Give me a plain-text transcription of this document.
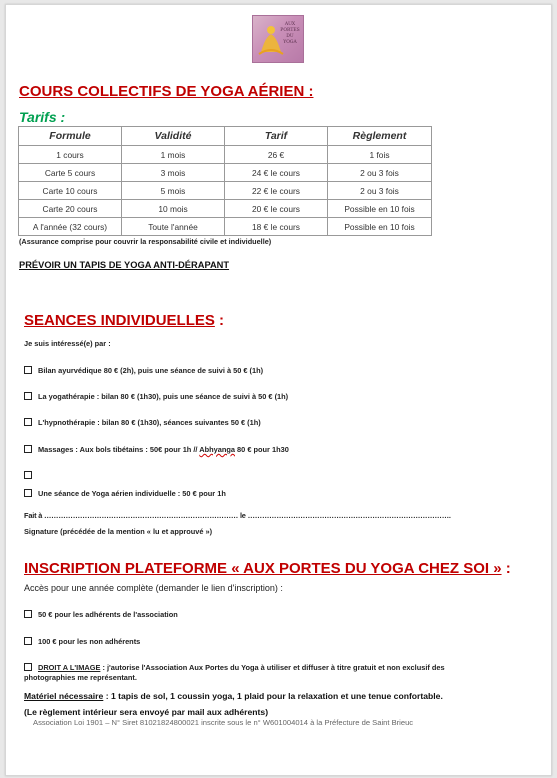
AUX
PORTES
DU
YOGA
COURS COLLECTIFS DE YOGA AÉRIEN :
Tarifs :
Formule	Validité	Tarif	Règlement
1 cours	1 mois	26 €	1 fois
Carte 5 cours	3 mois	24 € le cours	2 ou 3 fois
Carte 10 cours	5 mois	22 € le cours	2 ou 3 fois
Carte 20 cours	10 mois	20 € le cours	Possible en 10 fois
A l'année (32 cours)	Toute l'année	18 € le cours	Possible en 10 fois
(Assurance comprise pour couvrir la responsabilité civile et individuelle)
PRÉVOIR UN TAPIS DE YOGA ANTI-DÉRAPANT
SEANCES INDIVIDUELLES :
Je suis intéressé(e) par :
Bilan ayurvédique 80 € (2h), puis une séance de suivi à 50 € (1h)
La yogathérapie : bilan 80 € (1h30), puis une séance de suivi à 50 € (1h)
L'hypnothérapie : bilan 80 € (1h30), séances suivantes 50 € (1h)
Massages : Aux bols tibétains : 50€ pour 1h // Abhyanga 80 € pour 1h30
Une séance de Yoga aérien individuelle : 50 € pour 1h
Fait à ……………………………………………………………………… le ………………………………………………………………………….
Signature (précédée de la mention « lu et approuvé »)
INSCRIPTION PLATEFORME « AUX PORTES DU YOGA CHEZ SOI » :
Accès pour une année complète (demander le lien d'inscription) :
50 € pour les adhérents de l'association
100 € pour les non adhérents
DROIT A L'IMAGE : j'autorise l'Association Aux Portes du Yoga à utiliser et diffuser à titre gratuit et non exclusif des
photographies me représentant.
Matériel nécessaire : 1 tapis de sol, 1 coussin yoga, 1 plaid pour la relaxation et une tenue confortable.
(Le règlement intérieur sera envoyé par mail aux adhérents)
Association Loi 1901 – N° Siret 81021824800021 inscrite sous le n° W601004014 à la Préfecture de Saint Brieuc
